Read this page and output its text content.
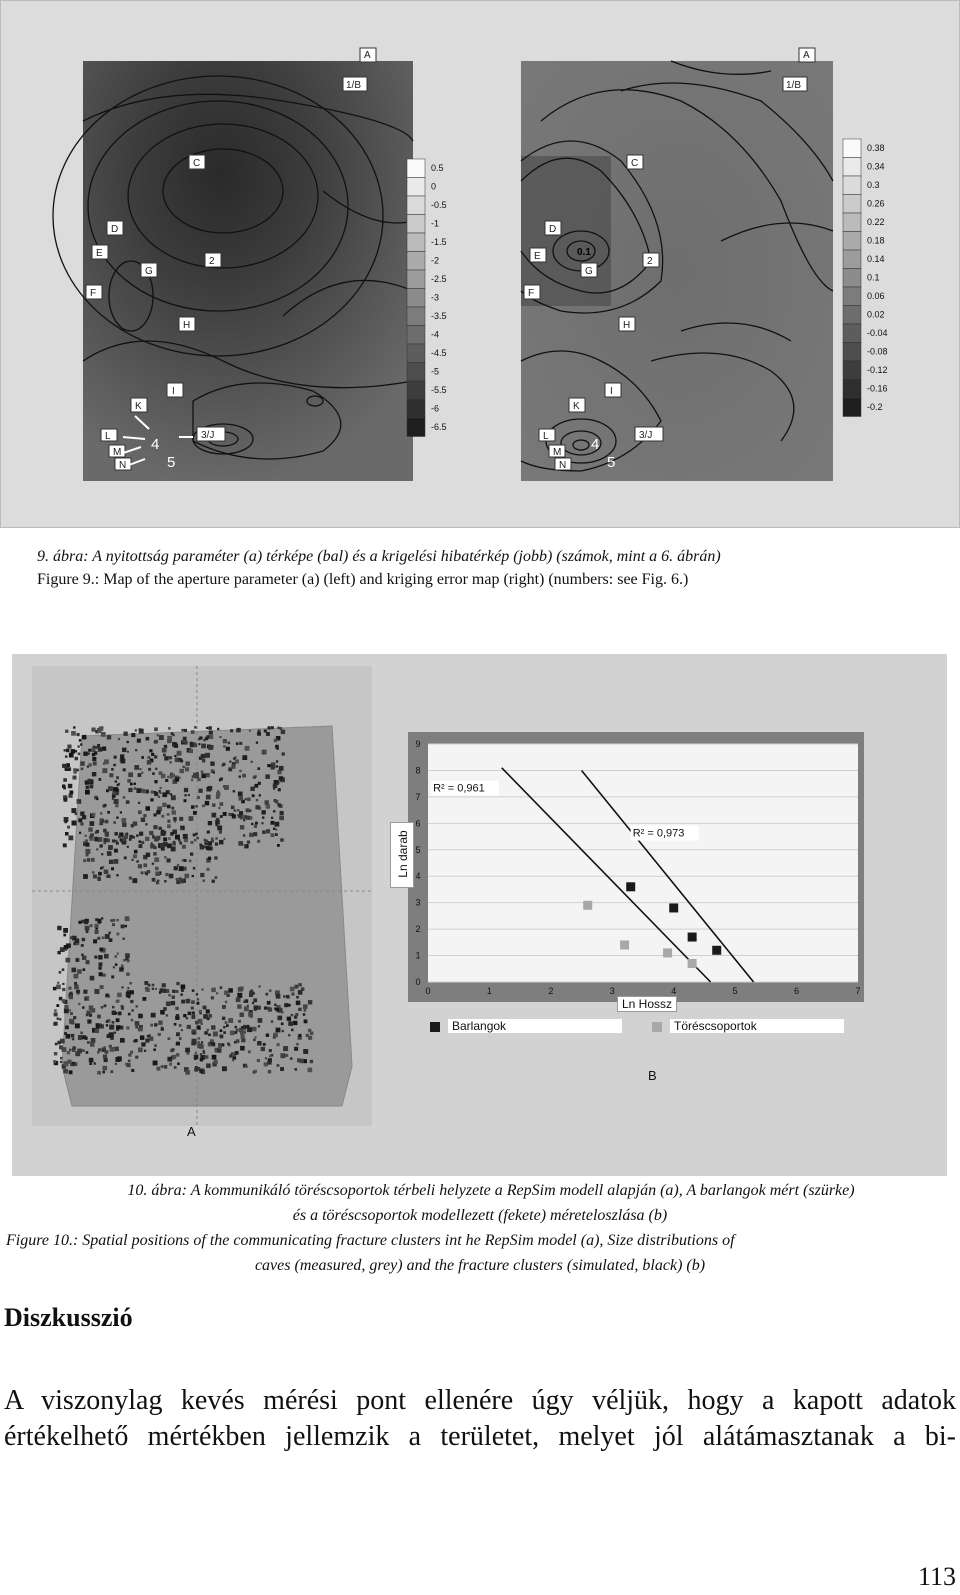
A
1/B
C
D
E
G
2
F
H
I
K
L	4
3/J
M
N	5
0.5
0
-0.5
-1
-1.5
-2
-2.5
-3
-3.5
-4
-4.5
-5
-5.5
-6
-6.5
A
1/B
C
D
E
G
2
F
H
I
K
L	4
3/J
M
N	5
0.1
0.38
0.34
0.3
0.26
0.22
0.18
0.14
0.1
0.06
0.02
-0.04
-0.08
-0.12
-0.16
-0.2
9. ábra: A nyitottság paraméter (a) térképe (bal) és a krigelési hibatérkép (jobb) (számok, mint a 6. ábrán)
Figure 9.: Map of the aperture parameter (a) (left) and kriging error map (right) (numbers: see Fig. 6.)
A
0	1	2	3	4	5	6	7
0
1
2
3
4
5
6
7
8
9
R² = 0,973
R² = 0,961
Ln darab
Ln Hossz
Barlangok	Töréscsoportok
B
10. ábra: A kommunikáló töréscsoportok térbeli helyzete a RepSim modell alapján (a), A barlangok mért (szürke)
és a töréscsoportok modellezett (fekete) méreteloszlása (b)
Figure 10.: Spatial positions of the communicating fracture clusters int he RepSim model (a), Size distributions of
caves (measured, grey) and the fracture clusters (simulated, black) (b)
Diszkusszió
A viszonylag kevés mérési pont ellenére úgy véljük, hogy a kapott adatok
értékelhető mértékben jellemzik a területet, melyet jól alátámasztanak a bi-
113
